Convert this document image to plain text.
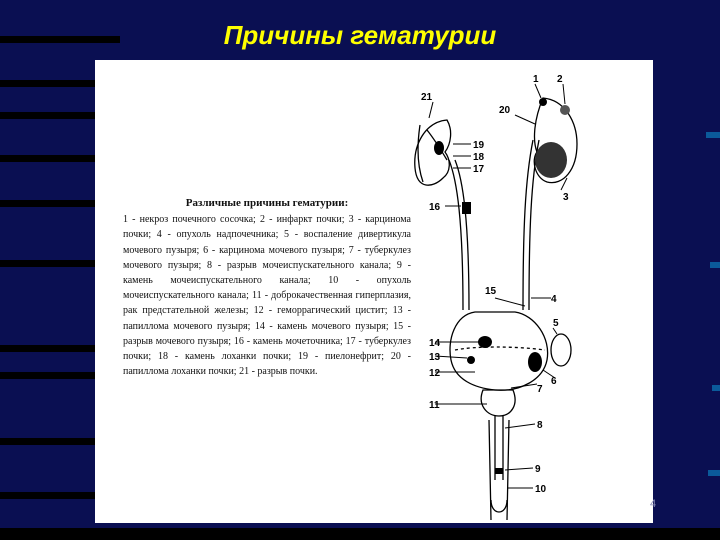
Причины гематурии
Различные причины гематурии:
1 - некроз почечного сосочка; 2 - инфаркт почки; 3 - карцинома почки; 4 - опухоль надпочечника; 5 - воспаление дивертикула мочевого пузыря; 6 - карцинома мочевого пузыря; 7 - туберкулез мочевого пузыря; 8 - разрыв мочеиспускательного канала; 9 - камень мочеиспускательного канала; 10 - опухоль мочеиспускательного канала; 11 - доброкачественная гиперплазия, рак предстательной железы; 12 - геморрагический цистит; 13 - папиллома мочевого пузыря; 14 - камень мочевого пузыря; 15 - разрыв мочевого пузыря; 16 - камень мочеточника; 17 - туберкулез почки; 18 - камень лоханки почки; 19 - пиелонефрит; 20 - папиллома лоханки почки; 21 - разрыв почки.
1 2
3
4
5
6
7
8
9
10
11
12
13
14
15
16
17
18
19
20
21
4
